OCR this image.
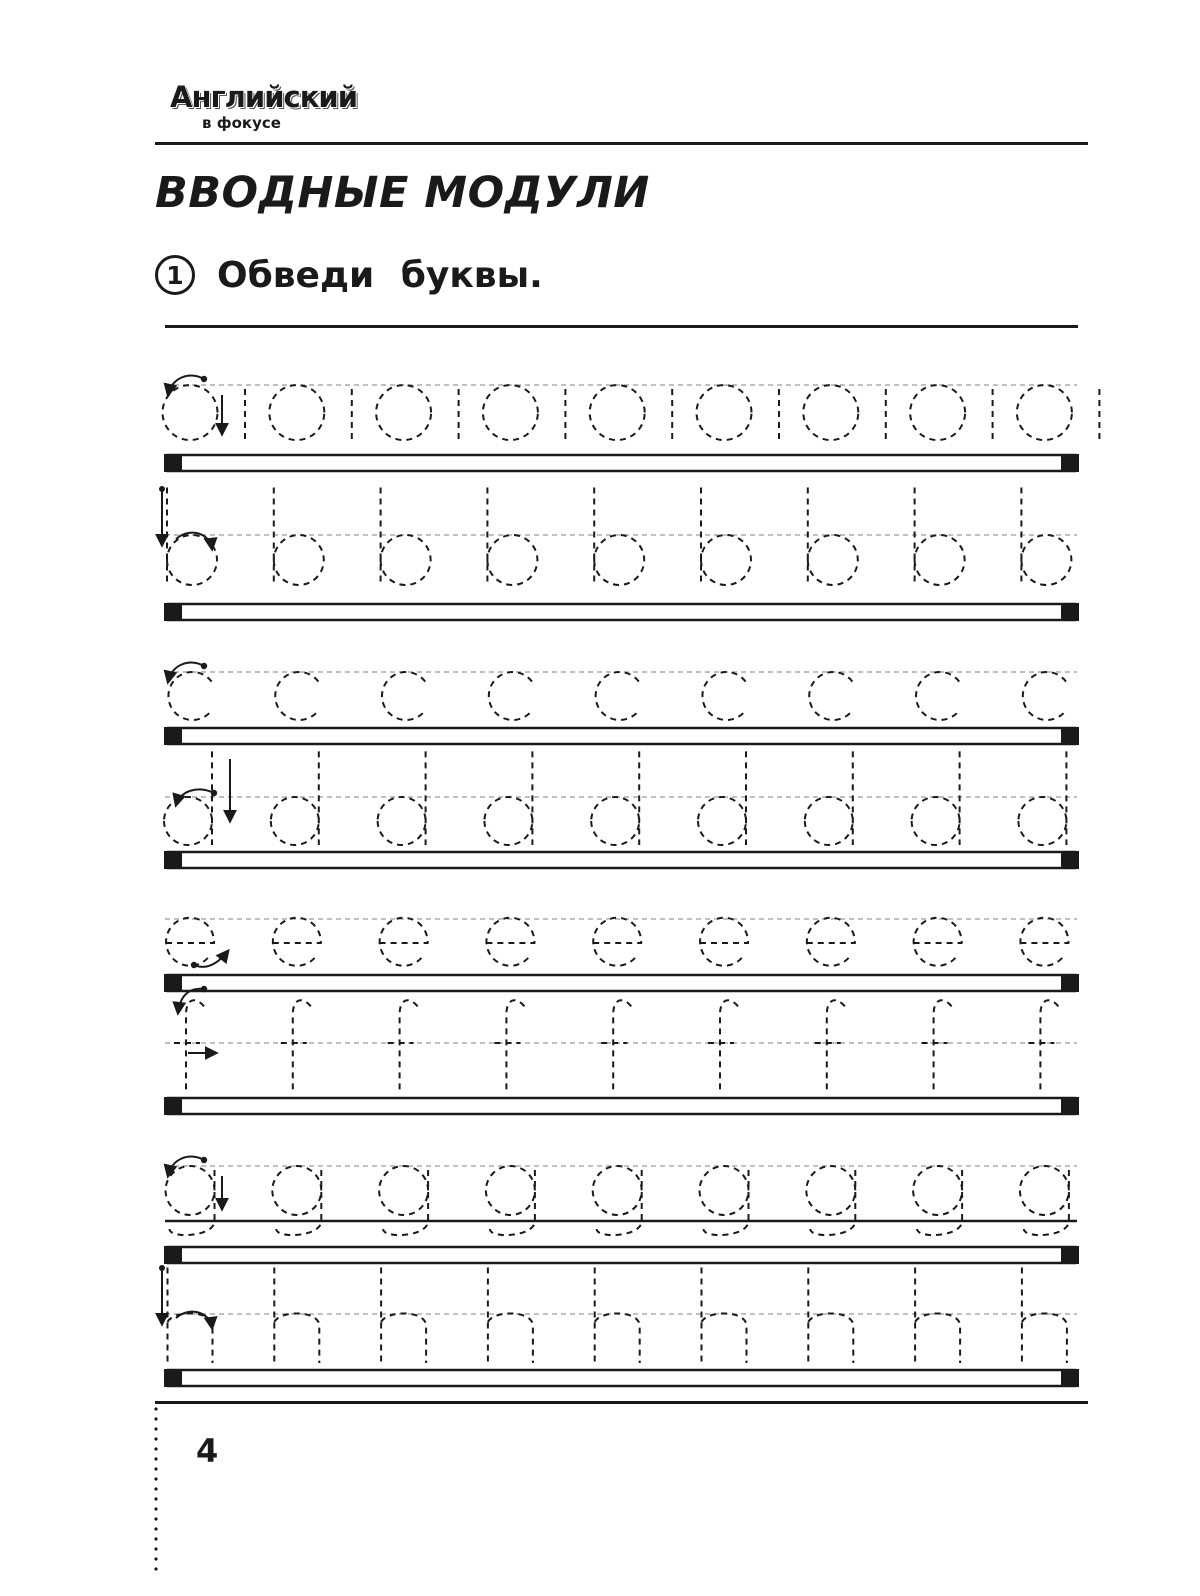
Английский
в фокусе
ВВОДНЫЕ МОДУЛИ
1 Обведи буквы.
4
